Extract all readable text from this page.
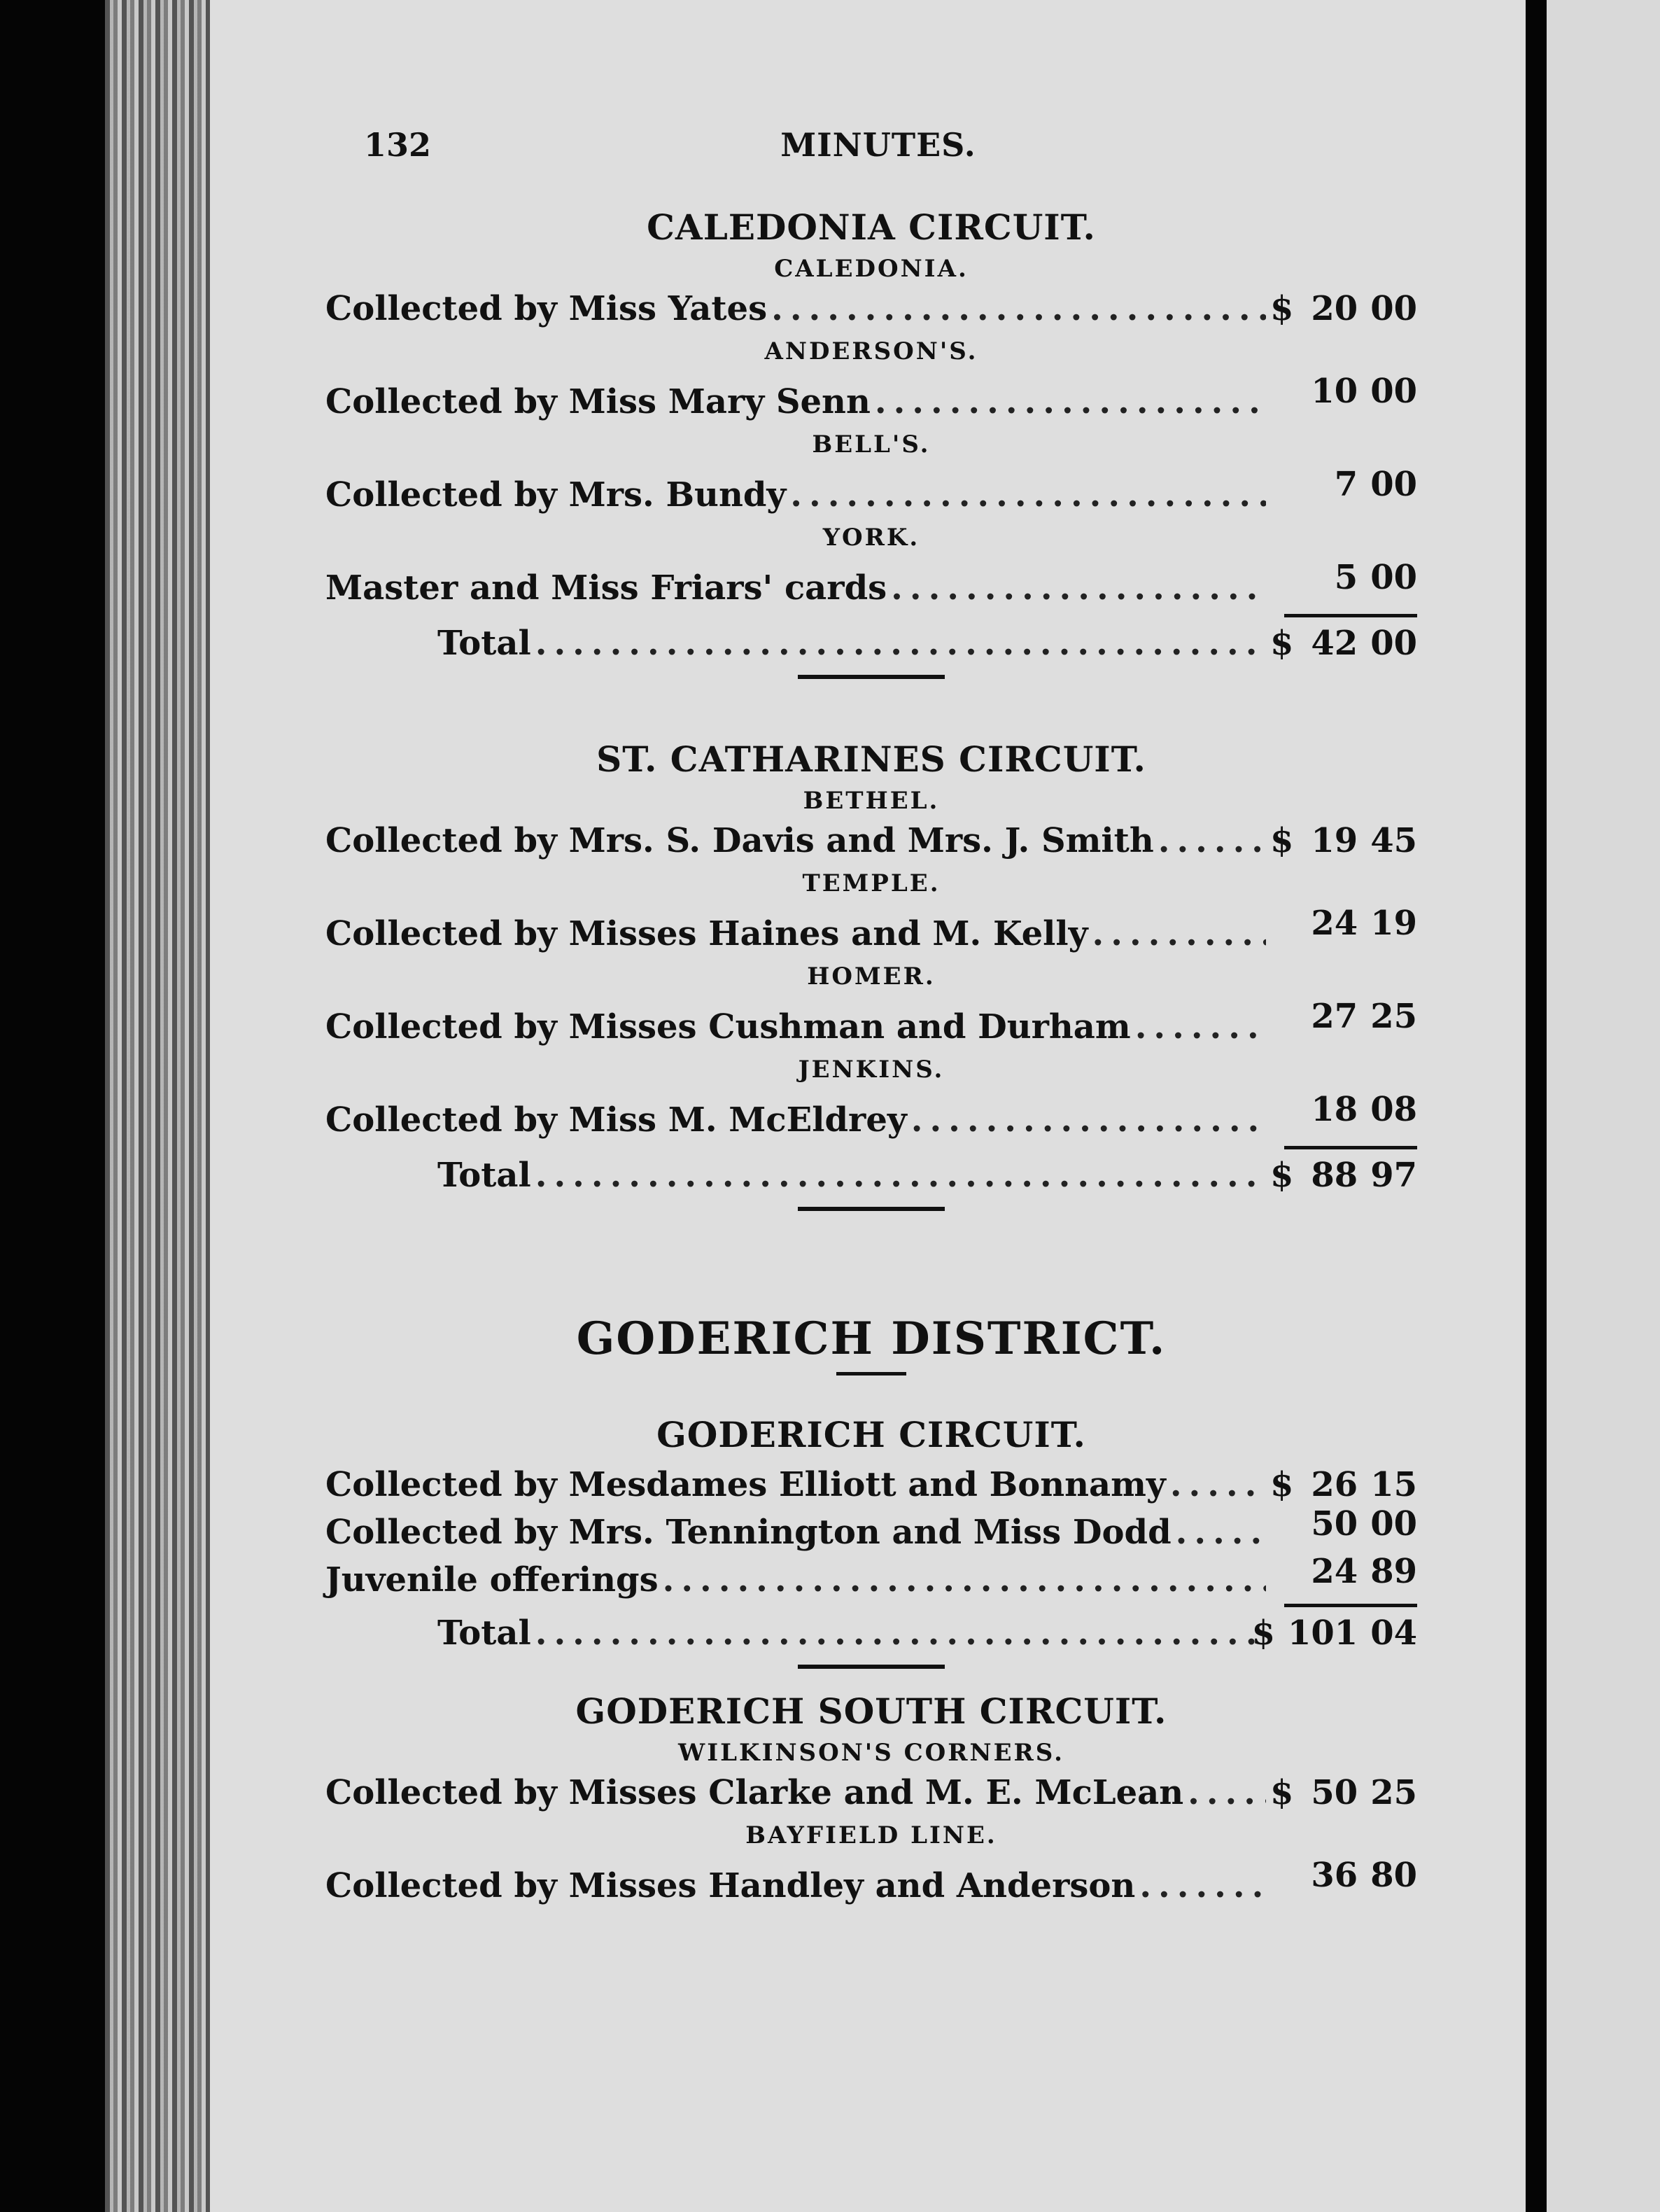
132	MINUTES.
CALEDONIA CIRCUIT.
CALEDONIA.
Collected by Miss Yates .....	$ 20 00
ANDERSON'S.
Collected by Miss Mary Senn .....	10 00
BELL'S.
Collected by Mrs. Bundy .....	7 00
YORK.
Master and Miss Friars' cards .....	5 00
Total .....	$ 42 00
ST. CATHARINES CIRCUIT.
BETHEL.
Collected by Mrs. S. Davis and Mrs. J. Smith .....	$ 19 45
TEMPLE.
Collected by Misses Haines and M. Kelly .....	24 19
HOMER.
Collected by Misses Cushman and Durham .....	27 25
JENKINS.
Collected by Miss M. McEldrey .....	18 08
Total .....	$ 88 97
GODERICH DISTRICT.
GODERICH CIRCUIT.
Collected by Mesdames Elliott and Bonnamy .....	$ 26 15
Collected by Mrs. Tennington and Miss Dodd .....	50 00
Juvenile offerings .....	24 89
Total .....	$ 101 04
GODERICH SOUTH CIRCUIT.
WILKINSON'S CORNERS.
Collected by Misses Clarke and M. E. McLean .....	$ 50 25
BAYFIELD LINE.
Collected by Misses Handley and Anderson .....	36 80
